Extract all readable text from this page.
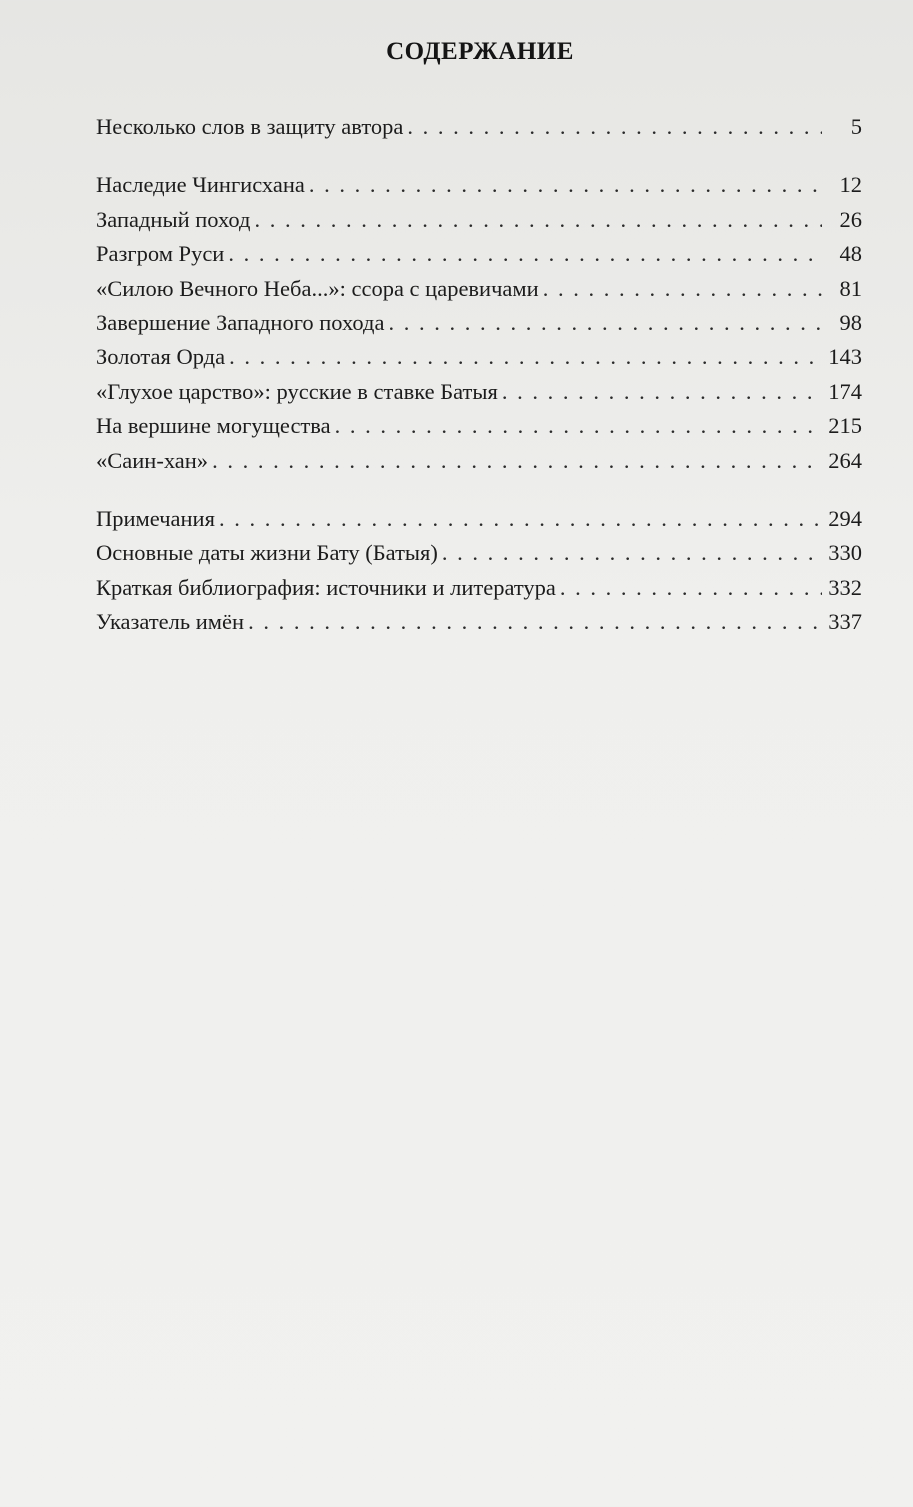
СОДЕРЖАНИЕ
Несколько слов в защиту автора . . .	5
Наследие Чингисхана . . .	12
Западный поход . . .	26
Разгром Руси . . .	48
«Силою Вечного Неба...»: ссора с царевичами . . .	81
Завершение Западного похода . . .	98
Золотая Орда . . .	143
«Глухое царство»: русские в ставке Батыя . . .	174
На вершине могущества . . .	215
«Саин-хан» . . .	264
Примечания . . .	294
Основные даты жизни Бату (Батыя) . . .	330
Краткая библиография: источники и литература . . .	332
Указатель имён . . .	337
